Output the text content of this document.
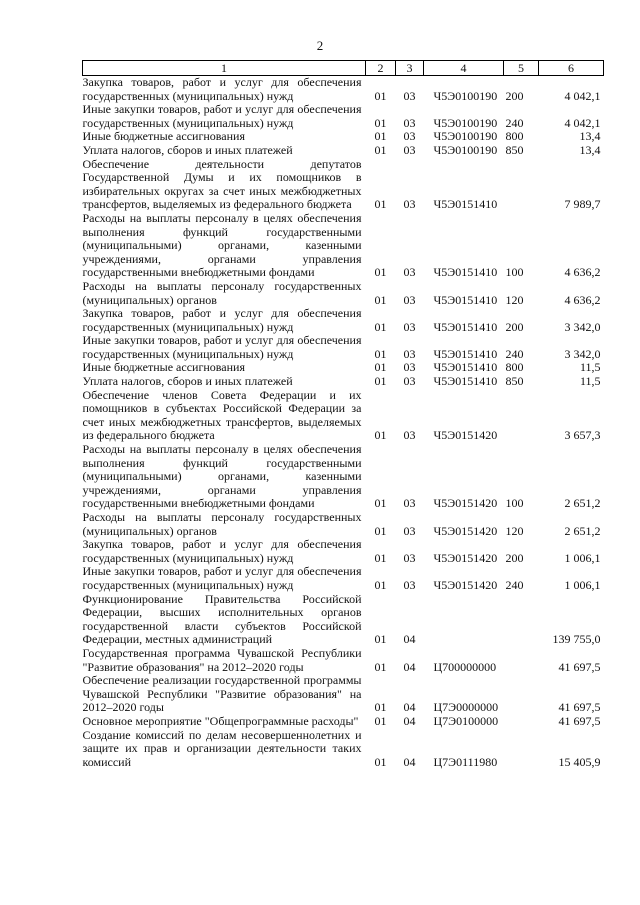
2
1	2	3	4	5	6
Закупка товаров, работ и услуг для обеспечения государственных (муниципальных) нужд	01	03	Ч5Э0100190	200	4 042,1
Иные закупки товаров, работ и услуг для обеспечения государственных (муниципальных) нужд	01	03	Ч5Э0100190	240	4 042,1
Иные бюджетные ассигнования	01	03	Ч5Э0100190	800	13,4
Уплата налогов, сборов и иных платежей	01	03	Ч5Э0100190	850	13,4
Обеспечение деятельности депутатов Государственной Думы и их помощников в избирательных округах за счет иных межбюджетных трансфертов, выделяемых из федерального бюджета	01	03	Ч5Э0151410		7 989,7
Расходы на выплаты персоналу в целях обеспечения выполнения функций государственными (муниципальными) органами, казенными учреждениями, органами управления государственными внебюджетными фондами	01	03	Ч5Э0151410	100	4 636,2
Расходы на выплаты персоналу государственных (муниципальных) органов	01	03	Ч5Э0151410	120	4 636,2
Закупка товаров, работ и услуг для обеспечения государственных (муниципальных) нужд	01	03	Ч5Э0151410	200	3 342,0
Иные закупки товаров, работ и услуг для обеспечения государственных (муниципальных) нужд	01	03	Ч5Э0151410	240	3 342,0
Иные бюджетные ассигнования	01	03	Ч5Э0151410	800	11,5
Уплата налогов, сборов и иных платежей	01	03	Ч5Э0151410	850	11,5
Обеспечение членов Совета Федерации и их помощников в субъектах Российской Федерации за счет иных межбюджетных трансфертов, выделяемых из федерального бюджета	01	03	Ч5Э0151420		3 657,3
Расходы на выплаты персоналу в целях обеспечения выполнения функций государственными (муниципальными) органами, казенными учреждениями, органами управления государственными внебюджетными фондами	01	03	Ч5Э0151420	100	2 651,2
Расходы на выплаты персоналу государственных (муниципальных) органов	01	03	Ч5Э0151420	120	2 651,2
Закупка товаров, работ и услуг для обеспечения государственных (муниципальных) нужд	01	03	Ч5Э0151420	200	1 006,1
Иные закупки товаров, работ и услуг для обеспечения государственных (муниципальных) нужд	01	03	Ч5Э0151420	240	1 006,1
Функционирование Правительства Российской Федерации, высших исполнительных органов государственной власти субъектов Российской Федерации, местных администраций	01	04			139 755,0
Государственная программа Чувашской Республики "Развитие образования" на 2012–2020 годы	01	04	Ц700000000		41 697,5
Обеспечение реализации государственной программы Чувашской Республики "Развитие образования" на 2012–2020 годы	01	04	Ц7Э0000000		41 697,5
Основное мероприятие "Общепрограммные расходы"	01	04	Ц7Э0100000		41 697,5
Создание комиссий по делам несовершеннолетних и защите их прав и организации деятельности таких комиссий	01	04	Ц7Э0111980		15 405,9
